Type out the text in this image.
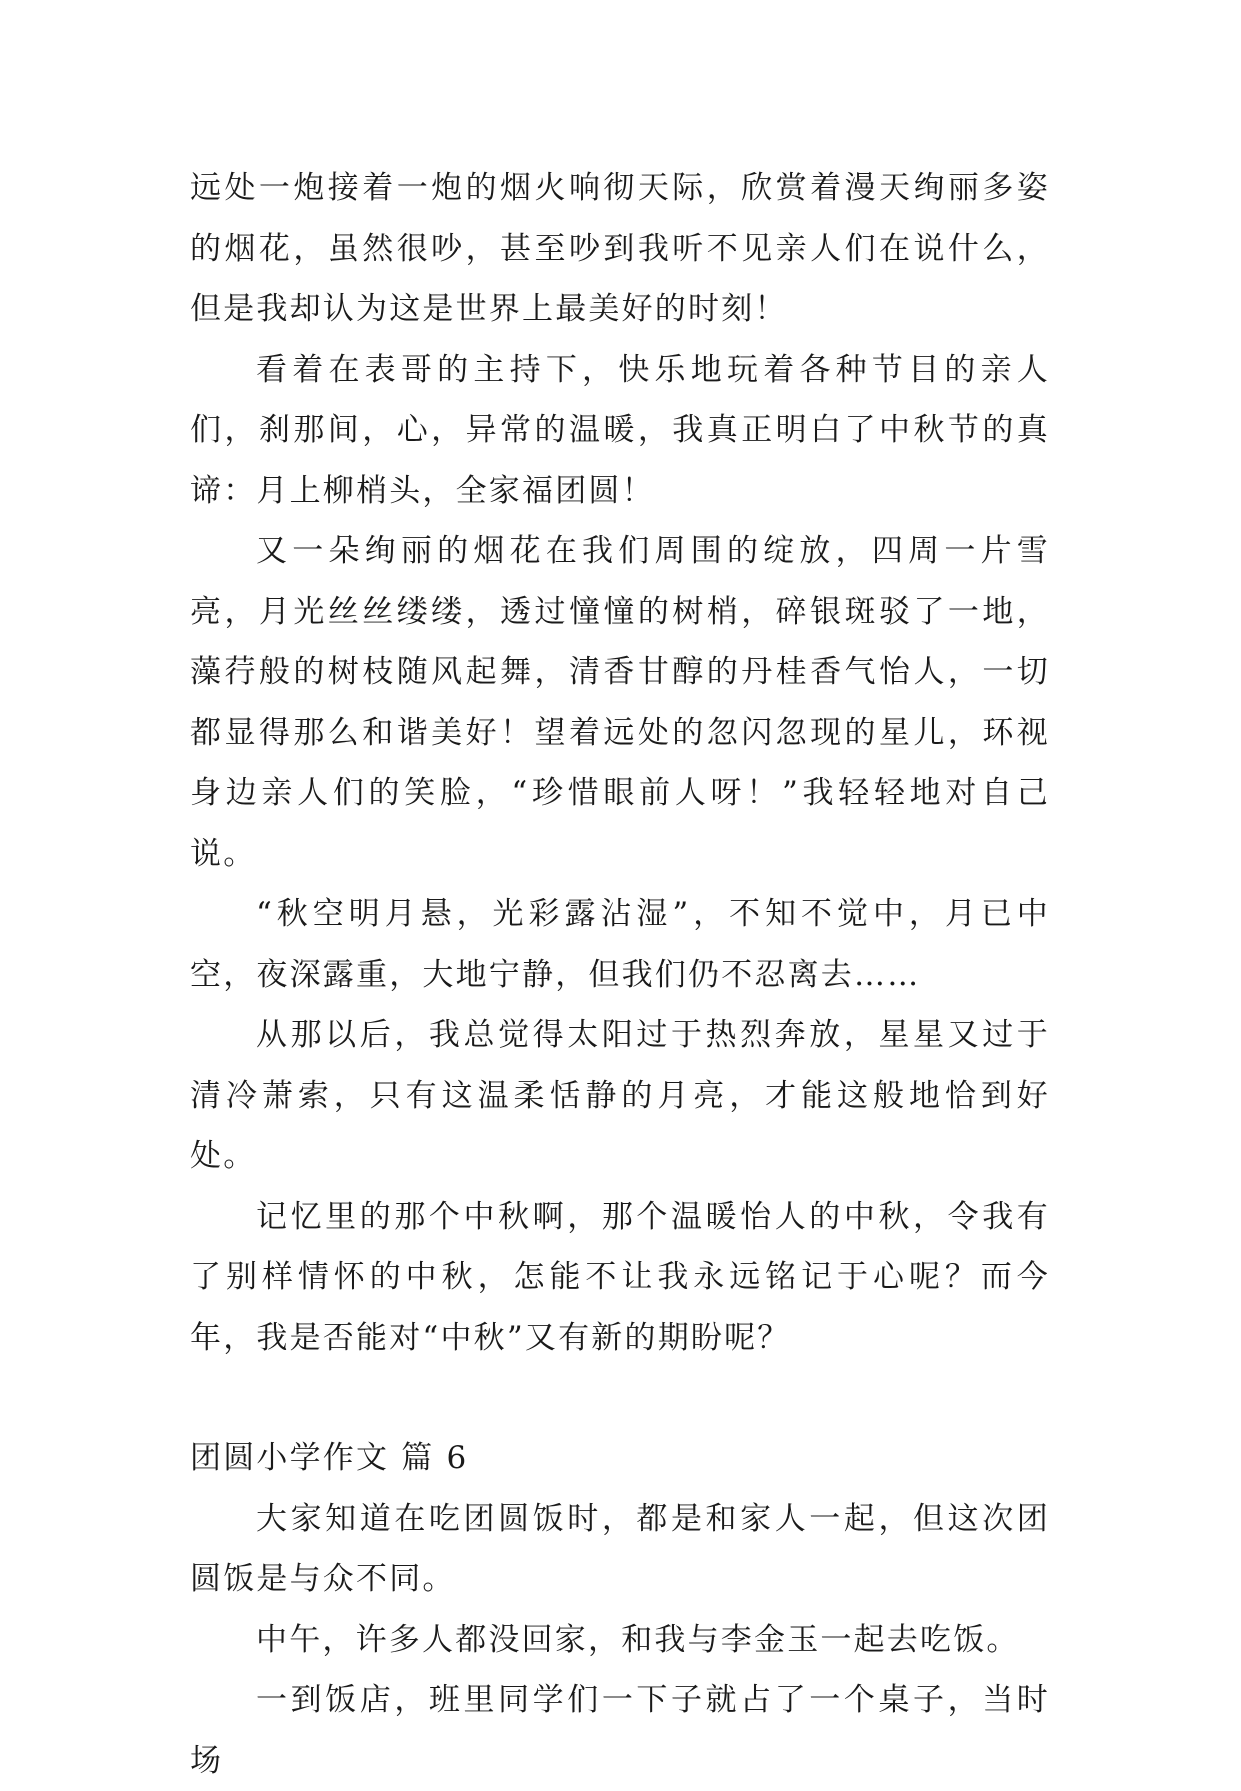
远处一炮接着一炮的烟火响彻天际，欣赏着漫天绚丽多姿的烟花，虽然很吵，甚至吵到我听不见亲人们在说什么，但是我却认为这是世界上最美好的时刻！

看着在表哥的主持下，快乐地玩着各种节目的亲人们，刹那间，心，异常的温暖，我真正明白了中秋节的真谛：月上柳梢头，全家福团圆！

又一朵绚丽的烟花在我们周围的绽放，四周一片雪亮，月光丝丝缕缕，透过憧憧的树梢，碎银斑驳了一地，藻荇般的树枝随风起舞，清香甘醇的丹桂香气怡人，一切都显得那么和谐美好！望着远处的忽闪忽现的星儿，环视身边亲人们的笑脸，“珍惜眼前人呀！”我轻轻地对自己说。

“秋空明月悬，光彩露沾湿”，不知不觉中，月已中空，夜深露重，大地宁静，但我们仍不忍离去……

从那以后，我总觉得太阳过于热烈奔放，星星又过于清冷萧索，只有这温柔恬静的月亮，才能这般地恰到好处。

记忆里的那个中秋啊，那个温暖怡人的中秋，令我有了别样情怀的中秋，怎能不让我永远铭记于心呢？而今年，我是否能对“中秋”又有新的期盼呢？

团圆小学作文 篇 6

大家知道在吃团圆饭时，都是和家人一起，但这次团圆饭是与众不同。

中午，许多人都没回家，和我与李金玉一起去吃饭。

一到饭店，班里同学们一下子就占了一个桌子，当时场
